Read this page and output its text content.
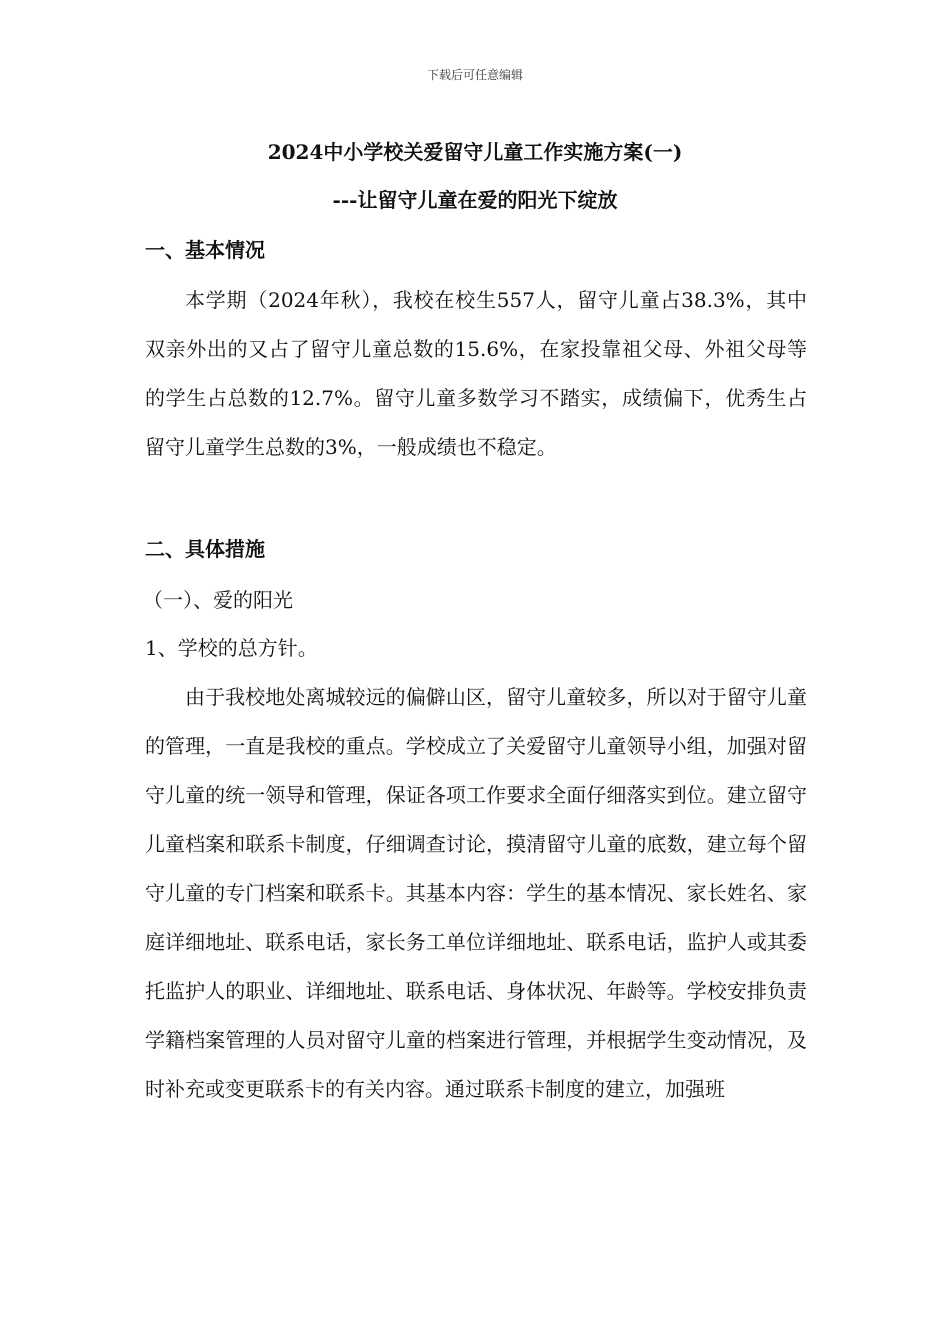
下载后可任意编辑
2024中小学校关爱留守儿童工作实施方案(一)
---让留守儿童在爱的阳光下绽放
一、基本情况

本学期（2024年秋），我校在校生557人，留守儿童占38.3%，其中双亲外出的又占了留守儿童总数的15.6%，在家投靠祖父母、外祖父母等的学生占总数的12.7%。留守儿童多数学习不踏实，成绩偏下，优秀生占留守儿童学生总数的3%，一般成绩也不稳定。

二、具体措施
（一）、爱的阳光
1、学校的总方针。

由于我校地处离城较远的偏僻山区，留守儿童较多，所以对于留守儿童的管理，一直是我校的重点。学校成立了关爱留守儿童领导小组，加强对留守儿童的统一领导和管理，保证各项工作要求全面仔细落实到位。建立留守儿童档案和联系卡制度，仔细调查讨论，摸清留守儿童的底数，建立每个留守儿童的专门档案和联系卡。其基本内容：学生的基本情况、家长姓名、家庭详细地址、联系电话，家长务工单位详细地址、联系电话，监护人或其委托监护人的职业、详细地址、联系电话、身体状况、年龄等。学校安排负责学籍档案管理的人员对留守儿童的档案进行管理，并根据学生变动情况，及时补充或变更联系卡的有关内容。通过联系卡制度的建立，加强班
